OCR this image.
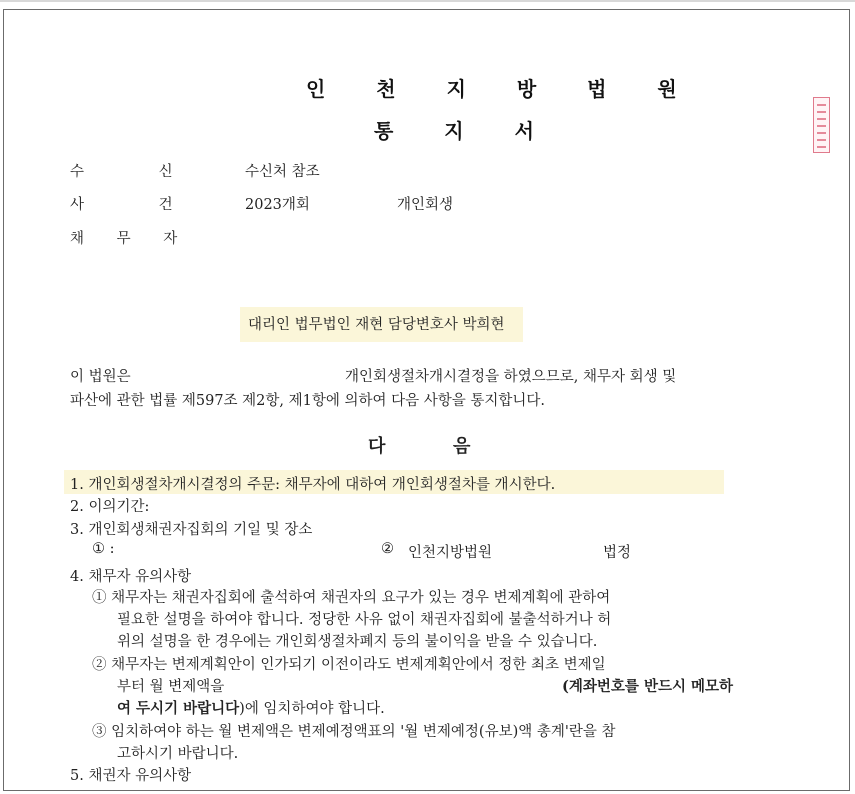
인 천 지 방 법 원
통 지 서
수 신	수신처 참조
사 건	2023개회	개인회생
채 무 자
대리인 법무법인 재현 담당변호사 박희현
이 법원은	개인회생절차개시결정을 하였으므로, 채무자 회생 및
파산에 관한 법률 제597조 제2항, 제1항에 의하여 다음 사항을 통지합니다.
다	음
1. 개인회생절차개시결정의 주문: 채무자에 대하여 개인회생절차를 개시한다.
2. 이의기간:
3. 개인회생채권자집회의 기일 및 장소
① :	② 인천지방법원	법정
4. 채무자 유의사항
① 채무자는 채권자집회에 출석하여 채권자의 요구가 있는 경우 변제계획에 관하여
필요한 설명을 하여야 합니다. 정당한 사유 없이 채권자집회에 불출석하거나 허
위의 설명을 한 경우에는 개인회생절차폐지 등의 불이익을 받을 수 있습니다.
② 채무자는 변제계획안이 인가되기 이전이라도 변제계획안에서 정한 최초 변제일
부터 월 변제액을	(계좌번호를 반드시 메모하
여 두시기 바랍니다)에 임치하여야 합니다.
③ 임치하여야 하는 월 변제액은 변제예정액표의 '월 변제예정(유보)액 총계'란을 참
고하시기 바랍니다.
5. 채권자 유의사항
